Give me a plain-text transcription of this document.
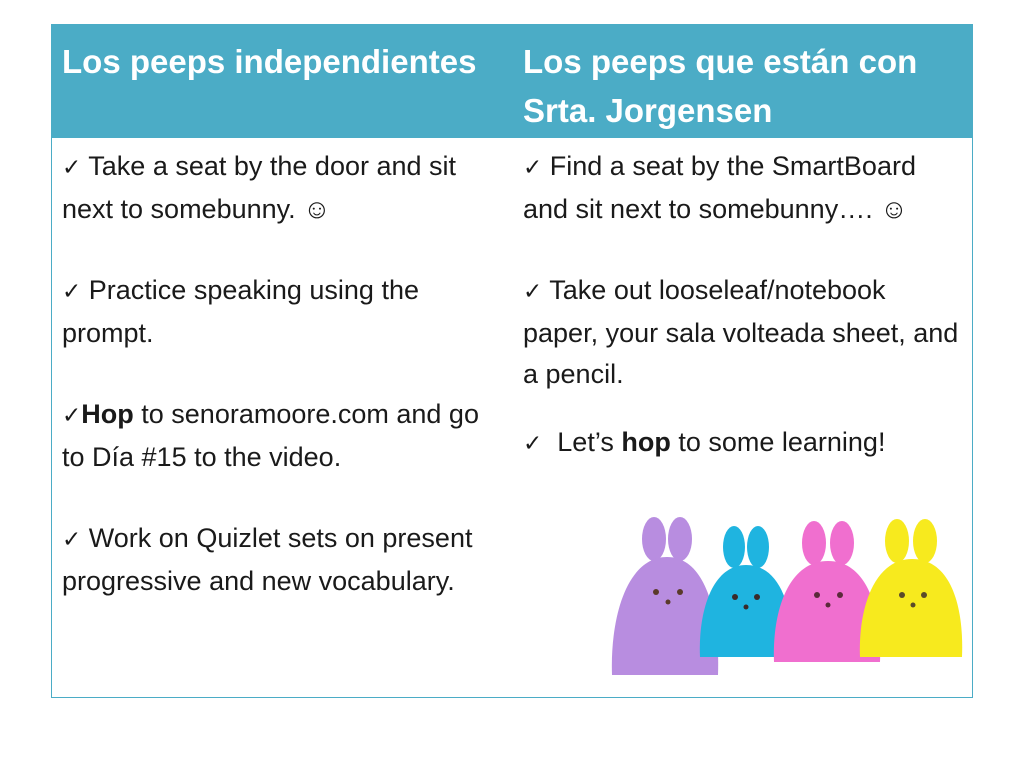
Los peeps independientes	Los peeps que están con Srta. Jorgensen
✓ Take a seat by the door and sit next to somebunny. ☺
✓ Practice speaking using the prompt.
✓Hop to senoramoore.com and go to Día #15 to the video.
✓ Work on Quizlet sets on present progressive and new vocabulary.
✓ Find a seat by the SmartBoard and sit next to somebunny…. ☺
✓ Take out looseleaf/notebook paper, your sala volteada sheet, and a pencil.
✓  Let’s hop to some learning!
